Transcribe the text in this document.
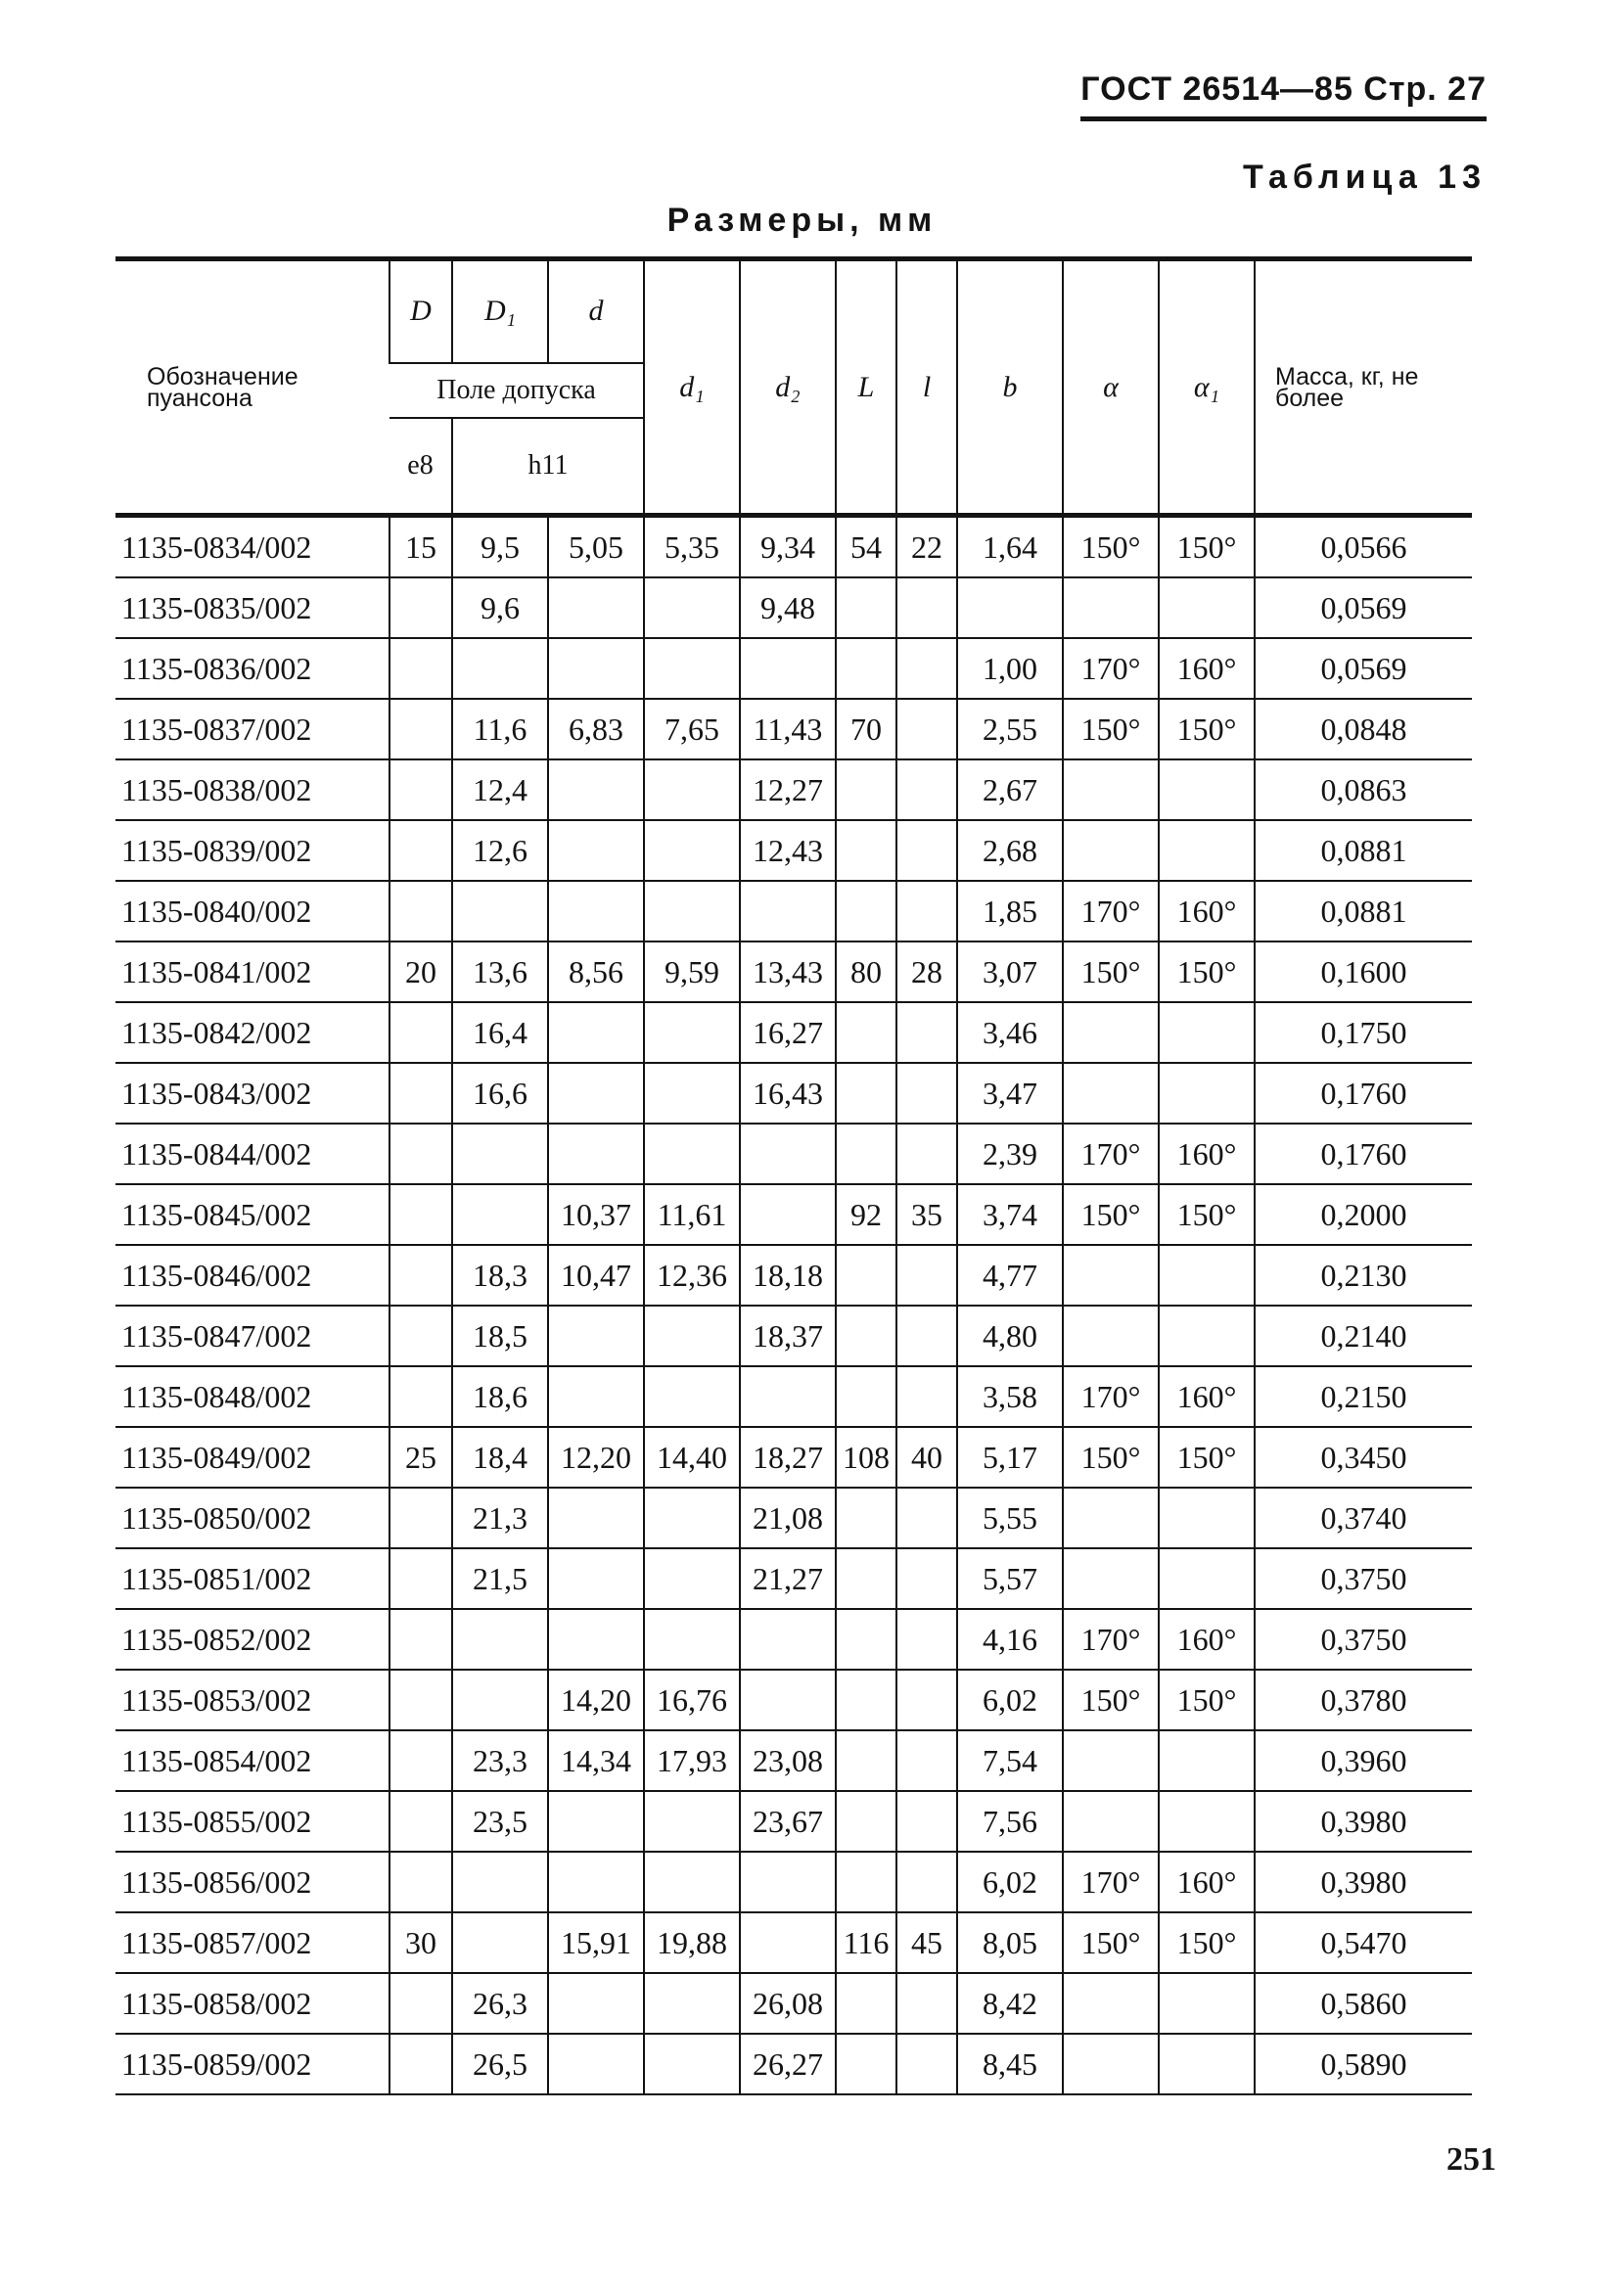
ГОСТ 26514—85 Стр. 27
Таблица 13
Размеры, мм
Обозначение пуансона	D	D₁	d	d₁	d₂	L	l	b	α	α₁	Масса, кг, не более
	Поле допуска										
	e8	h11									
1135-0834/002	15	9,5	5,05	5,35	9,34	54	22	1,64	150°	150°	0,0566
1135-0835/002		9,6			9,48						0,0569
1135-0836/002								1,00	170°	160°	0,0569
1135-0837/002		11,6	6,83	7,65	11,43	70		2,55	150°	150°	0,0848
1135-0838/002		12,4			12,27			2,67			0,0863
1135-0839/002		12,6			12,43			2,68			0,0881
1135-0840/002								1,85	170°	160°	0,0881
1135-0841/002	20	13,6	8,56	9,59	13,43	80	28	3,07	150°	150°	0,1600
1135-0842/002		16,4			16,27			3,46			0,1750
1135-0843/002		16,6			16,43			3,47			0,1760
1135-0844/002								2,39	170°	160°	0,1760
1135-0845/002			10,37	11,61		92	35	3,74	150°	150°	0,2000
1135-0846/002		18,3	10,47	12,36	18,18			4,77			0,2130
1135-0847/002		18,5			18,37			4,80			0,2140
1135-0848/002		18,6						3,58	170°	160°	0,2150
1135-0849/002	25	18,4	12,20	14,40	18,27	108	40	5,17	150°	150°	0,3450
1135-0850/002		21,3			21,08			5,55			0,3740
1135-0851/002		21,5			21,27			5,57			0,3750
1135-0852/002								4,16	170°	160°	0,3750
1135-0853/002			14,20	16,76				6,02	150°	150°	0,3780
1135-0854/002		23,3	14,34	17,93	23,08			7,54			0,3960
1135-0855/002		23,5			23,67			7,56			0,3980
1135-0856/002								6,02	170°	160°	0,3980
1135-0857/002	30		15,91	19,88		116	45	8,05	150°	150°	0,5470
1135-0858/002		26,3			26,08			8,42			0,5860
1135-0859/002		26,5			26,27			8,45			0,5890
251
